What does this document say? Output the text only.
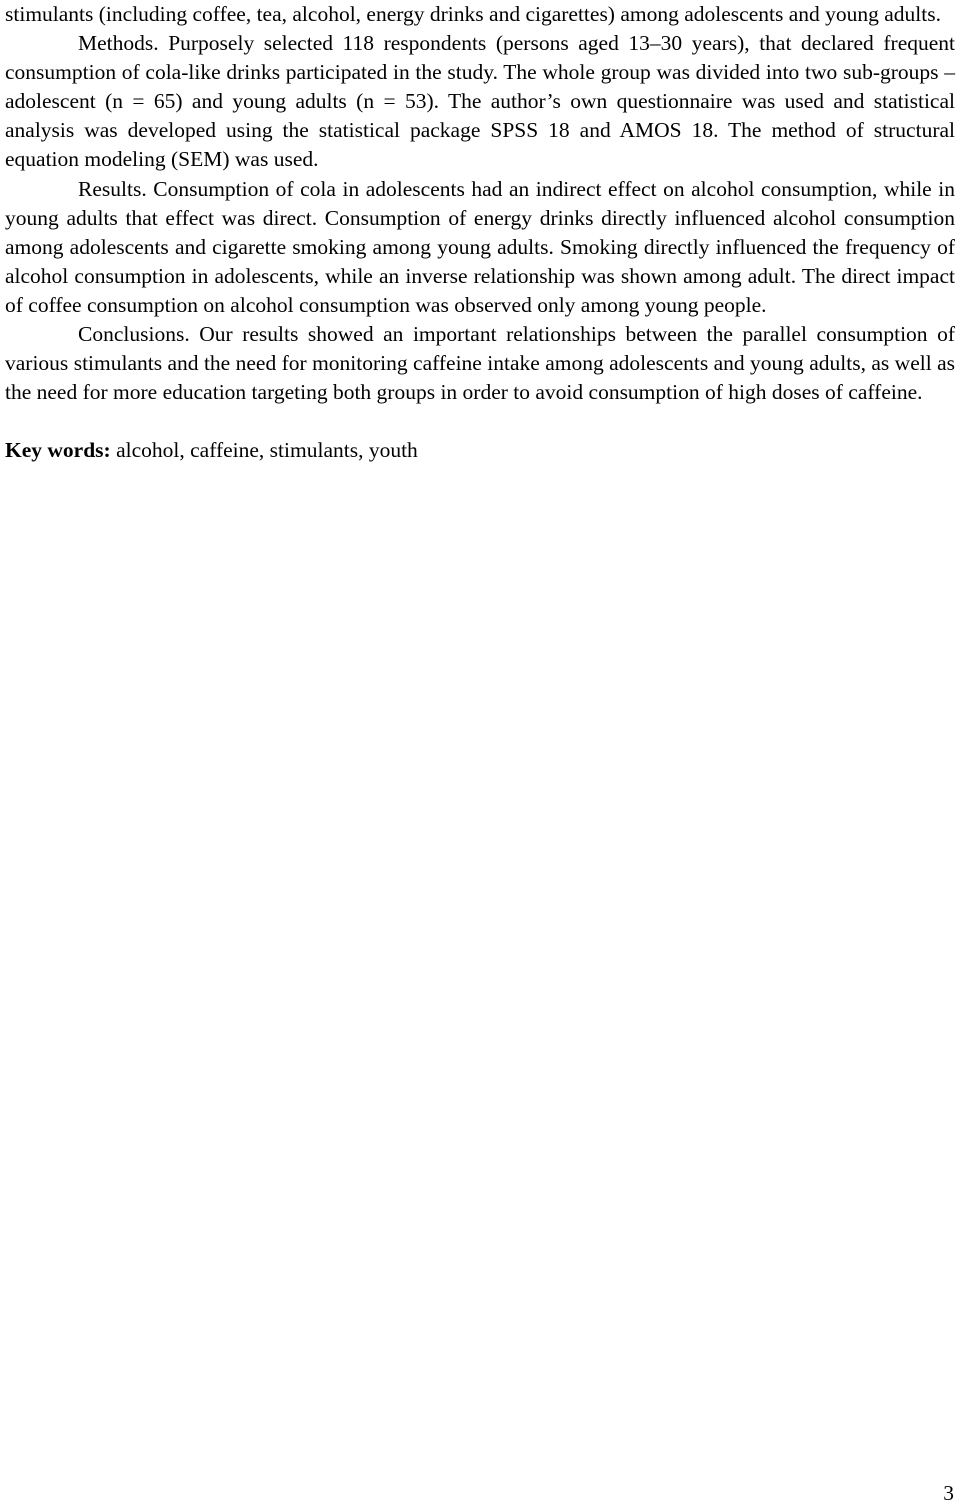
stimulants (including coffee, tea, alcohol, energy drinks and cigarettes) among adolescents and young adults.

Methods. Purposely selected 118 respondents (persons aged 13–30 years), that declared frequent consumption of cola-like drinks participated in the study. The whole group was divided into two sub-groups – adolescent (n = 65) and young adults (n = 53). The author’s own questionnaire was used and statistical analysis was developed using the statistical package SPSS 18 and AMOS 18. The method of structural equation modeling (SEM) was used.

Results. Consumption of cola in adolescents had an indirect effect on alcohol consumption, while in young adults that effect was direct. Consumption of energy drinks directly influenced alcohol consumption among adolescents and cigarette smoking among young adults. Smoking directly influenced the frequency of alcohol consumption in adolescents, while an inverse relationship was shown among adult. The direct impact of coffee consumption on alcohol consumption was observed only among young people.

Conclusions. Our results showed an important relationships between the parallel consumption of various stimulants and the need for monitoring caffeine intake among adolescents and young adults, as well as the need for more education targeting both groups in order to avoid consumption of high doses of caffeine.

Key words: alcohol, caffeine, stimulants, youth

3
